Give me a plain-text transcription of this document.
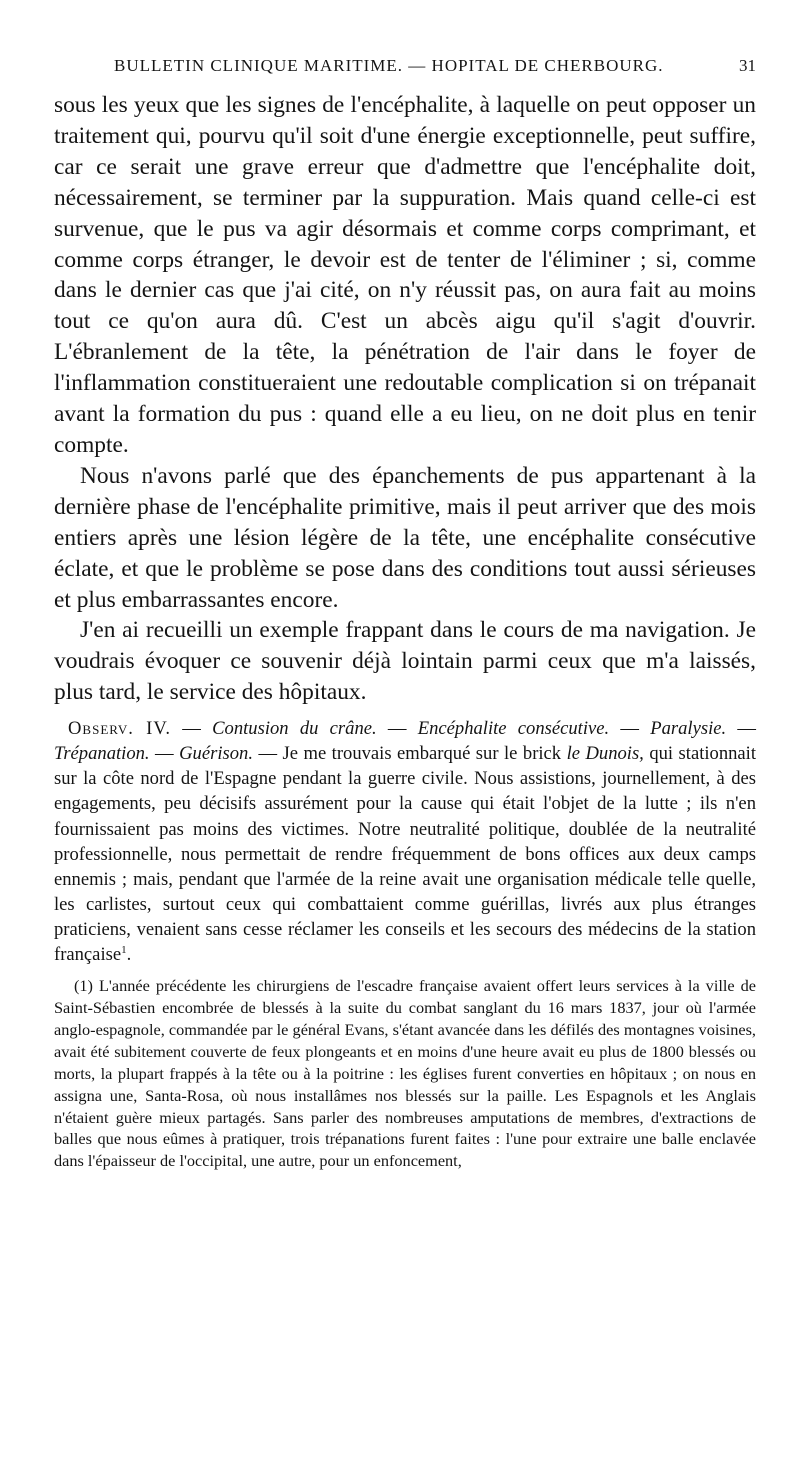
BULLETIN CLINIQUE MARITIME. — HOPITAL DE CHERBOURG.	31

sous les yeux que les signes de l'encéphalite, à laquelle on peut opposer un traitement qui, pourvu qu'il soit d'une énergie exceptionnelle, peut suffire, car ce serait une grave erreur que d'admettre que l'encéphalite doit, nécessairement, se terminer par la suppuration. Mais quand celle-ci est survenue, que le pus va agir désormais et comme corps comprimant, et comme corps étranger, le devoir est de tenter de l'éliminer ; si, comme dans le dernier cas que j'ai cité, on n'y réussit pas, on aura fait au moins tout ce qu'on aura dû. C'est un abcès aigu qu'il s'agit d'ouvrir. L'ébranlement de la tête, la pénétration de l'air dans le foyer de l'inflammation constitueraient une redoutable complication si on trépanait avant la formation du pus : quand elle a eu lieu, on ne doit plus en tenir compte.

Nous n'avons parlé que des épanchements de pus appartenant à la dernière phase de l'encéphalite primitive, mais il peut arriver que des mois entiers après une lésion légère de la tête, une encéphalite consécutive éclate, et que le problème se pose dans des conditions tout aussi sérieuses et plus embarrassantes encore.

J'en ai recueilli un exemple frappant dans le cours de ma navigation. Je voudrais évoquer ce souvenir déjà lointain parmi ceux que m'a laissés, plus tard, le service des hôpitaux.

Observ. IV. — Contusion du crâne. — Encéphalite consécutive. — Paralysie. — Trépanation. — Guérison. — Je me trouvais embarqué sur le brick le Dunois, qui stationnait sur la côte nord de l'Espagne pendant la guerre civile. Nous assistions, journellement, à des engagements, peu décisifs assurément pour la cause qui était l'objet de la lutte ; ils n'en fournissaient pas moins des victimes. Notre neutralité politique, doublée de la neutralité professionnelle, nous permettait de rendre fréquemment de bons offices aux deux camps ennemis ; mais, pendant que l'armée de la reine avait une organisation médicale telle quelle, les carlistes, surtout ceux qui combattaient comme guérillas, livrés aux plus étranges praticiens, venaient sans cesse réclamer les conseils et les secours des médecins de la station française$^1$.
(1) L'année précédente les chirurgiens de l'escadre française avaient offert leurs services à la ville de Saint-Sébastien encombrée de blessés à la suite du combat sanglant du 16 mars 1837, jour où l'armée anglo-espagnole, commandée par le général Evans, s'étant avancée dans les défilés des montagnes voisines, avait été subitement couverte de feux plongeants et en moins d'une heure avait eu plus de 1800 blessés ou morts, la plupart frappés à la tête ou à la poitrine : les églises furent converties en hôpitaux ; on nous en assigna une, Santa-Rosa, où nous installâmes nos blessés sur la paille. Les Espagnols et les Anglais n'étaient guère mieux partagés. Sans parler des nombreuses amputations de membres, d'extractions de balles que nous eûmes à pratiquer, trois trépanations furent faites : l'une pour extraire une balle enclavée dans l'épaisseur de l'occipital, une autre, pour un enfoncement,
